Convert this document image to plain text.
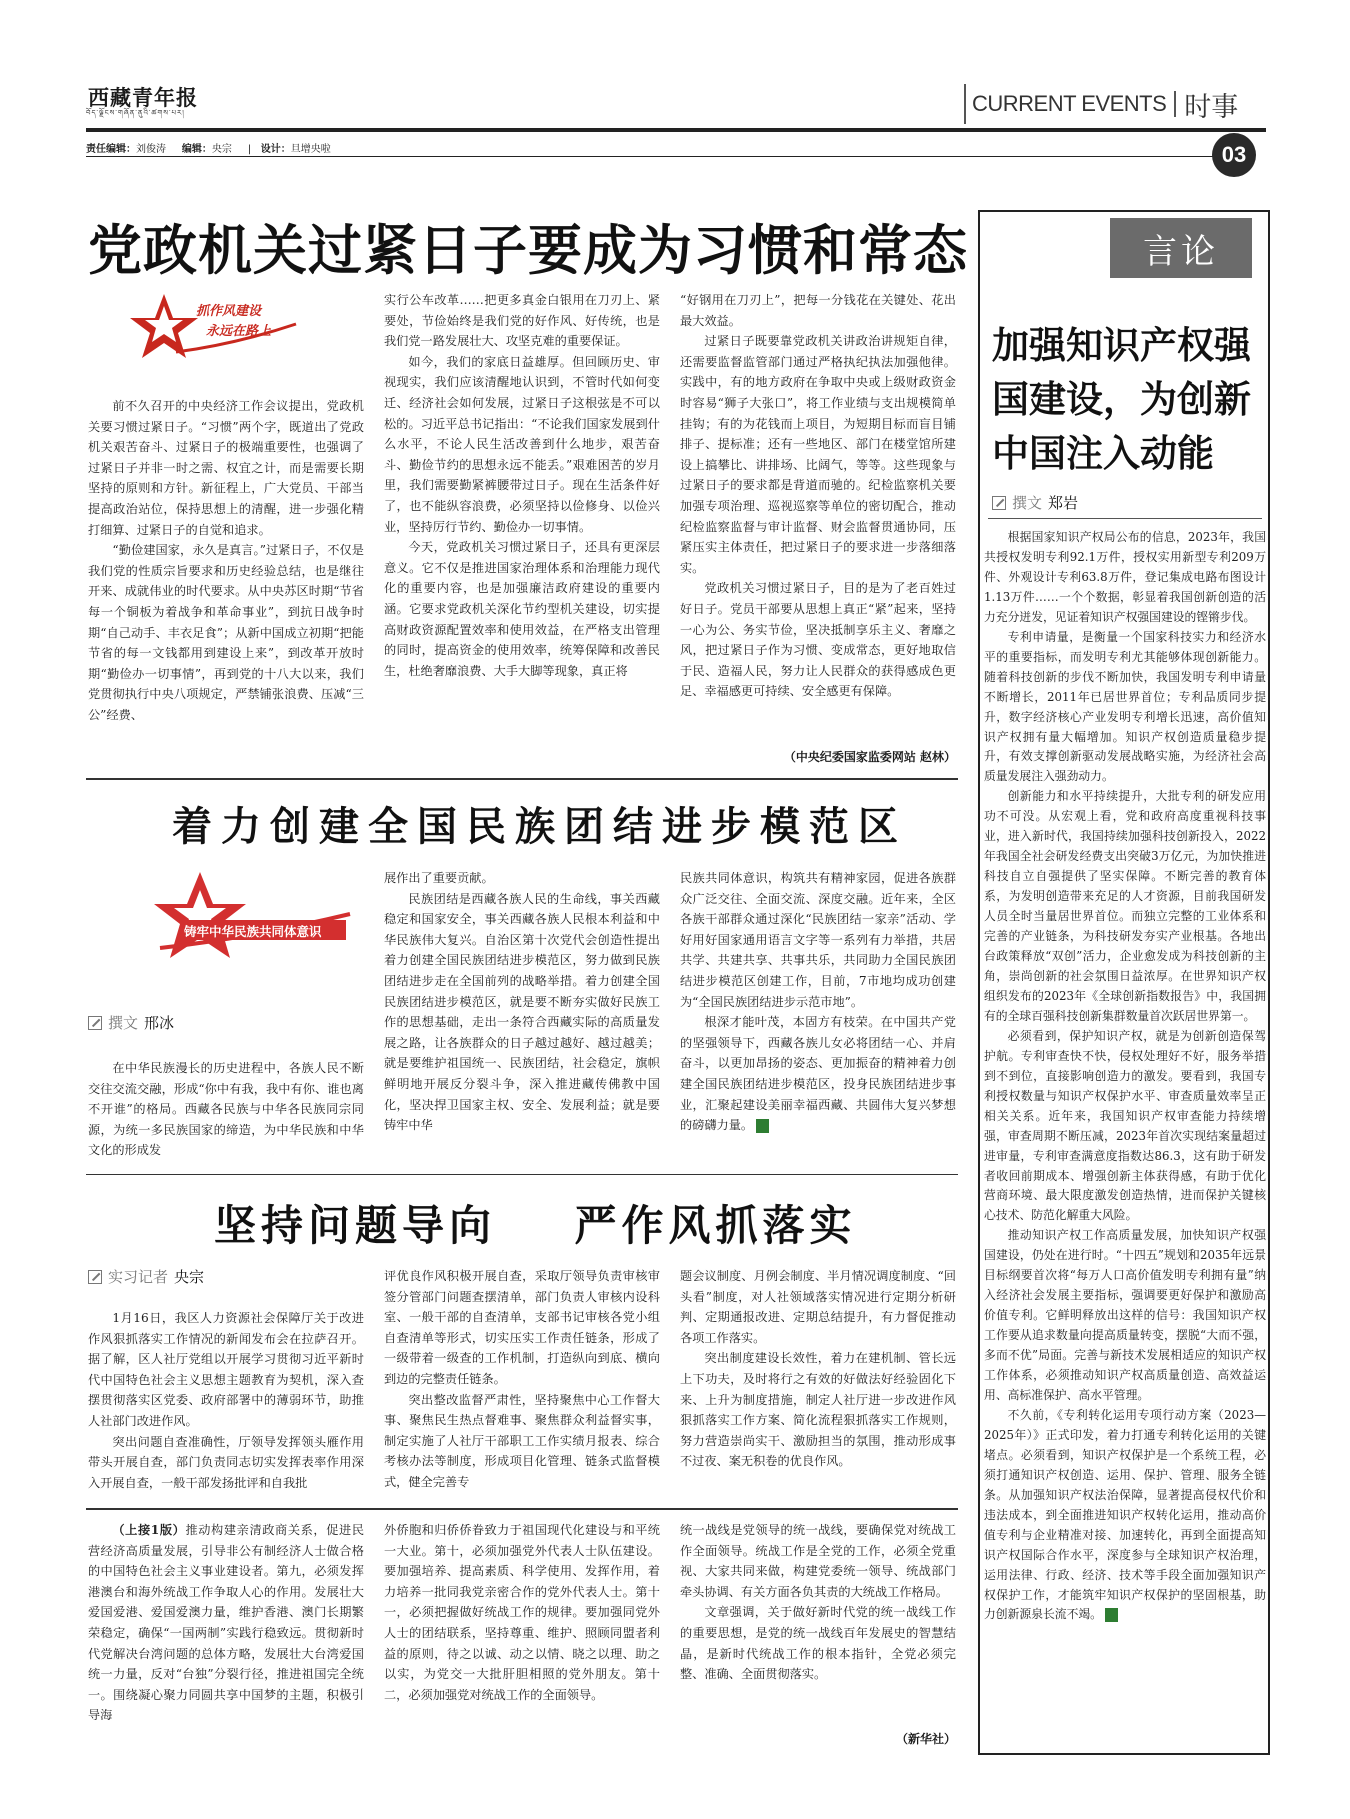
西藏青年报
བོད་ལྗོངས་གཞོན་ནུའི་ཚགས་པར།
责任编辑：刘俊涛 编辑：央宗     |   设计：旦增央啦
CURRENT EVENTS 时事
03
党政机关过紧日子要成为习惯和常态
抓作风建设
永远在路上

前不久召开的中央经济工作会议提出，党政机关要习惯过紧日子。“习惯”两个字，既道出了党政机关艰苦奋斗、过紧日子的极端重要性，也强调了过紧日子并非一时之需、权宜之计，而是需要长期坚持的原则和方针。新征程上，广大党员、干部当提高政治站位，保持思想上的清醒，进一步强化精打细算、过紧日子的自觉和追求。

“勤俭建国家，永久是真言。”过紧日子，不仅是我们党的性质宗旨要求和历史经验总结，也是继往开来、成就伟业的时代要求。从中央苏区时期“节省每一个铜板为着战争和革命事业”，到抗日战争时期“自己动手、丰衣足食”；从新中国成立初期“把能节省的每一文钱都用到建设上来”，到改革开放时期“勤俭办一切事情”，再到党的十八大以来，我们党贯彻执行中央八项规定，严禁铺张浪费、压减“三公”经费、

实行公车改革……把更多真金白银用在刀刃上、紧要处，节俭始终是我们党的好作风、好传统，也是我们党一路发展壮大、攻坚克难的重要保证。

如今，我们的家底日益雄厚。但回顾历史、审视现实，我们应该清醒地认识到，不管时代如何变迁、经济社会如何发展，过紧日子这根弦是不可以松的。习近平总书记指出：“不论我们国家发展到什么水平，不论人民生活改善到什么地步，艰苦奋斗、勤俭节约的思想永远不能丢。”艰难困苦的岁月里，我们需要勤紧裤腰带过日子。现在生活条件好了，也不能纵容浪费，必须坚持以俭修身、以俭兴业，坚持厉行节约、勤俭办一切事情。

今天，党政机关习惯过紧日子，还具有更深层意义。它不仅是推进国家治理体系和治理能力现代化的重要内容，也是加强廉洁政府建设的重要内涵。它要求党政机关深化节约型机关建设，切实提高财政资源配置效率和使用效益，在严格支出管理的同时，提高资金的使用效率，统筹保障和改善民生，杜绝奢靡浪费、大手大脚等现象，真正将

“好钢用在刀刃上”，把每一分钱花在关键处、花出最大效益。

过紧日子既要靠党政机关讲政治讲规矩自律，还需要监督监管部门通过严格执纪执法加强他律。实践中，有的地方政府在争取中央或上级财政资金时容易“狮子大张口”，将工作业绩与支出规模简单挂钩；有的为花钱而上项目，为短期目标而盲目铺排子、提标准；还有一些地区、部门在楼堂馆所建设上搞攀比、讲排场、比阔气，等等。这些现象与过紧日子的要求都是背道而驰的。纪检监察机关要加强专项治理、巡视巡察等单位的密切配合，推动纪检监察监督与审计监督、财会监督贯通协同，压紧压实主体责任，把过紧日子的要求进一步落细落实。

党政机关习惯过紧日子，目的是为了老百姓过好日子。党员干部要从思想上真正“紧”起来，坚持一心为公、务实节俭，坚决抵制享乐主义、奢靡之风，把过紧日子作为习惯、变成常态，更好地取信于民、造福人民，努力让人民群众的获得感成色更足、幸福感更可持续、安全感更有保障。

（中央纪委国家监委网站 赵林）
着力创建全国民族团结进步模范区
铸牢中华民族共同体意识
撰文 邢冰

在中华民族漫长的历史进程中，各族人民不断交往交流交融，形成“你中有我，我中有你、谁也离不开谁”的格局。西藏各民族与中华各民族同宗同源，为统一多民族国家的缔造，为中华民族和中华文化的形成发

展作出了重要贡献。

民族团结是西藏各族人民的生命线，事关西藏稳定和国家安全，事关西藏各族人民根本利益和中华民族伟大复兴。自治区第十次党代会创造性提出着力创建全国民族团结进步模范区，努力做到民族团结进步走在全国前列的战略举措。着力创建全国民族团结进步模范区，就是要不断夯实做好民族工作的思想基础，走出一条符合西藏实际的高质量发展之路，让各族群众的日子越过越好、越过越美；就是要维护祖国统一、民族团结，社会稳定，旗帜鲜明地开展反分裂斗争，深入推进藏传佛教中国化，坚决捍卫国家主权、安全、发展利益；就是要铸牢中华

民族共同体意识，构筑共有精神家园，促进各族群众广泛交往、全面交流、深度交融。近年来，全区各族干部群众通过深化“民族团结一家亲”活动、学好用好国家通用语言文字等一系列有力举措，共居共学、共建共享、共事共乐，共同助力全国民族团结进步模范区创建工作，目前，7市地均成功创建为“全国民族团结进步示范市地”。

根深才能叶茂，本固方有枝荣。在中国共产党的坚强领导下，西藏各族儿女必将团结一心、并肩奋斗，以更加昂扬的姿态、更加振奋的精神着力创建全国民族团结进步模范区，投身民族团结进步事业，汇聚起建设美丽幸福西藏、共圆伟大复兴梦想的磅礴力量。

坚持问题导向 严作风抓落实
实习记者 央宗

1月16日，我区人力资源社会保障厅关于改进作风狠抓落实工作情况的新闻发布会在拉萨召开。据了解，区人社厅党组以开展学习贯彻习近平新时代中国特色社会主义思想主题教育为契机，深入查摆贯彻落实区党委、政府部署中的薄弱环节，助推人社部门改进作风。

突出问题自查准确性，厅领导发挥领头雁作用带头开展自查，部门负责同志切实发挥表率作用深入开展自查，一般干部发扬批评和自我批

评优良作风积极开展自查，采取厅领导负责审核审签分管部门问题查摆清单，部门负责人审核内设科室、一般干部的自查清单，支部书记审核各党小组自查清单等形式，切实压实工作责任链条，形成了一级带着一级查的工作机制，打造纵向到底、横向到边的完整责任链条。

突出整改监督严肃性，坚持聚焦中心工作督大事、聚焦民生热点督难事、聚焦群众利益督实事，制定实施了人社厅干部职工工作实绩月报表、综合考核办法等制度，形成项目化管理、链条式监督模式，健全完善专

题会议制度、月例会制度、半月情况调度制度、“回头看”制度，对人社领域落实情况进行定期分析研判、定期通报改进、定期总结提升，有力督促推动各项工作落实。

突出制度建设长效性，着力在建机制、管长远上下功夫，及时将行之有效的好做法好经验固化下来、上升为制度措施，制定人社厅进一步改进作风狠抓落实工作方案、简化流程狠抓落实工作规则，努力营造崇尚实干、激励担当的氛围，推动形成事不过夜、案无积卷的优良作风。

（上接1版）推动构建亲清政商关系，促进民营经济高质量发展，引导非公有制经济人士做合格的中国特色社会主义事业建设者。第九，必须发挥港澳台和海外统战工作争取人心的作用。发展壮大爱国爱港、爱国爱澳力量，维护香港、澳门长期繁荣稳定，确保“一国两制”实践行稳致远。贯彻新时代党解决台湾问题的总体方略，发展壮大台湾爱国统一力量，反对“台独”分裂行径，推进祖国完全统一。围绕凝心聚力同圆共享中国梦的主题，积极引导海

外侨胞和归侨侨眷致力于祖国现代化建设与和平统一大业。第十，必须加强党外代表人士队伍建设。要加强培养、提高素质、科学使用、发挥作用，着力培养一批同我党亲密合作的党外代表人士。第十一，必须把握做好统战工作的规律。要加强同党外人士的团结联系，坚持尊重、维护、照顾同盟者利益的原则，待之以诚、动之以情、晓之以理、助之以实，为党交一大批肝胆相照的党外朋友。第十二，必须加强党对统战工作的全面领导。

统一战线是党领导的统一战线，要确保党对统战工作全面领导。统战工作是全党的工作，必须全党重视、大家共同来做，构建党委统一领导、统战部门牵头协调、有关方面各负其责的大统战工作格局。

文章强调，关于做好新时代党的统一战线工作的重要思想，是党的统一战线百年发展史的智慧结晶，是新时代统战工作的根本指针，全党必须完整、准确、全面贯彻落实。

（新华社）
言论
加强知识产权强国建设，为创新中国注入动能
撰文 郑岩

根据国家知识产权局公布的信息，2023年，我国共授权发明专利92.1万件，授权实用新型专利209万件、外观设计专利63.8万件，登记集成电路布图设计1.13万件……一个个数据，彰显着我国创新创造的活力充分迸发，见证着知识产权强国建设的铿锵步伐。

专利申请量，是衡量一个国家科技实力和经济水平的重要指标，而发明专利尤其能够体现创新能力。随着科技创新的步伐不断加快，我国发明专利申请量不断增长，2011年已居世界首位；专利品质同步提升，数字经济核心产业发明专利增长迅速，高价值知识产权拥有量大幅增加。知识产权创造质量稳步提升，有效支撑创新驱动发展战略实施，为经济社会高质量发展注入强劲动力。

创新能力和水平持续提升，大批专利的研发应用功不可没。从宏观上看，党和政府高度重视科技事业，进入新时代，我国持续加强科技创新投入，2022年我国全社会研发经费支出突破3万亿元，为加快推进科技自立自强提供了坚实保障。不断完善的教育体系，为发明创造带来充足的人才资源，目前我国研发人员全时当量居世界首位。而独立完整的工业体系和完善的产业链条，为科技研发夯实产业根基。各地出台政策释放“双创”活力，企业愈发成为科技创新的主角，崇尚创新的社会氛围日益浓厚。在世界知识产权组织发布的2023年《全球创新指数报告》中，我国拥有的全球百强科技创新集群数量首次跃居世界第一。

必须看到，保护知识产权，就是为创新创造保驾护航。专利审查快不快，侵权处理好不好，服务举措到不到位，直接影响创造力的激发。要看到，我国专利授权数量与知识产权保护水平、审查质量效率呈正相关关系。近年来，我国知识产权审查能力持续增强，审查周期不断压减，2023年首次实现结案量超过进审量，专利审查满意度指数达86.3，这有助于研发者收回前期成本、增强创新主体获得感，有助于优化营商环境、最大限度激发创造热情，进而保护关键核心技术、防范化解重大风险。

推动知识产权工作高质量发展，加快知识产权强国建设，仍处在进行时。“十四五”规划和2035年远景目标纲要首次将“每万人口高价值发明专利拥有量”纳入经济社会发展主要指标，强调要更好保护和激励高价值专利。它鲜明释放出这样的信号：我国知识产权工作要从追求数量向提高质量转变，摆脱“大而不强，多而不优”局面。完善与新技术发展相适应的知识产权工作体系，必须推动知识产权高质量创造、高效益运用、高标准保护、高水平管理。

不久前，《专利转化运用专项行动方案（2023—2025年）》正式印发，着力打通专利转化运用的关键堵点。必须看到，知识产权保护是一个系统工程，必须打通知识产权创造、运用、保护、管理、服务全链条。从加强知识产权法治保障，显著提高侵权代价和违法成本，到全面推进知识产权转化运用，推动高价值专利与企业精准对接、加速转化，再到全面提高知识产权国际合作水平，深度参与全球知识产权治理，运用法律、行政、经济、技术等手段全面加强知识产权保护工作，才能筑牢知识产权保护的坚固根基，助力创新源泉长流不竭。
